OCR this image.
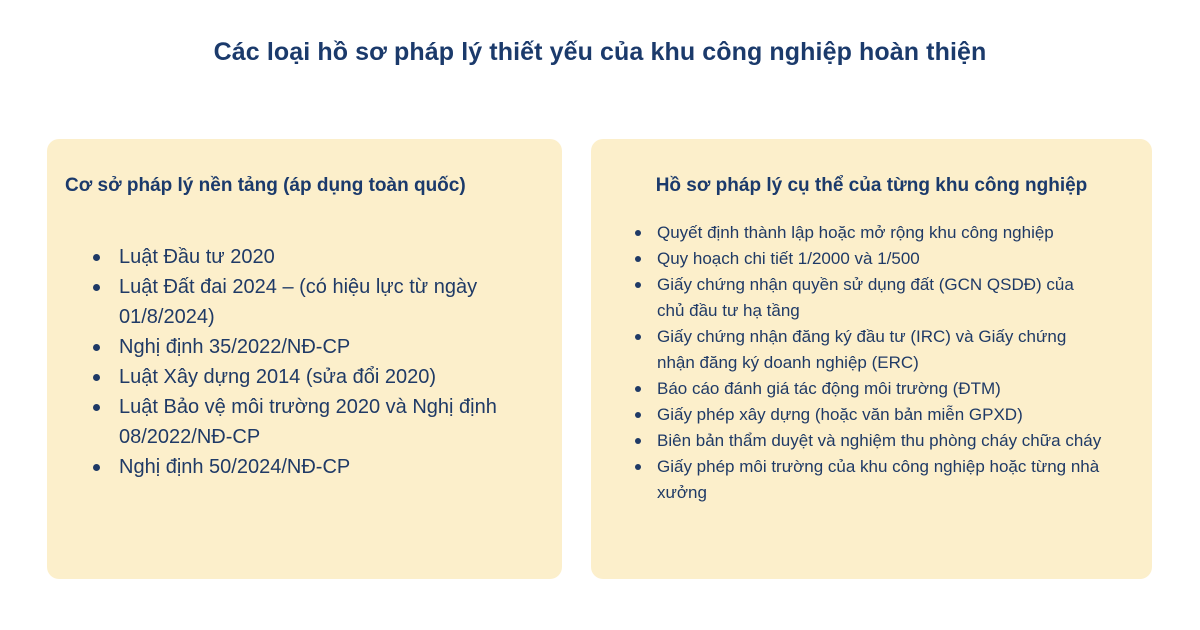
Các loại hồ sơ pháp lý thiết yếu của khu công nghiệp hoàn thiện
Cơ sở pháp lý nền tảng (áp dụng toàn quốc)
Luật Đầu tư 2020
Luật Đất đai 2024 – (có hiệu lực từ ngày 01/8/2024)
Nghị định 35/2022/NĐ-CP
Luật Xây dựng 2014 (sửa đổi 2020)
Luật Bảo vệ môi trường 2020 và Nghị định 08/2022/NĐ-CP
Nghị định 50/2024/NĐ-CP
Hồ sơ pháp lý cụ thể của từng khu công nghiệp
Quyết định thành lập hoặc mở rộng khu công nghiệp
Quy hoạch chi tiết 1/2000 và 1/500
Giấy chứng nhận quyền sử dụng đất (GCN QSDĐ) của chủ đầu tư hạ tầng
Giấy chứng nhận đăng ký đầu tư (IRC) và Giấy chứng nhận đăng ký doanh nghiệp (ERC)
Báo cáo đánh giá tác động môi trường (ĐTM)
Giấy phép xây dựng (hoặc văn bản miễn GPXD)
Biên bản thẩm duyệt và nghiệm thu phòng cháy chữa cháy
Giấy phép môi trường của khu công nghiệp hoặc từng nhà xưởng
